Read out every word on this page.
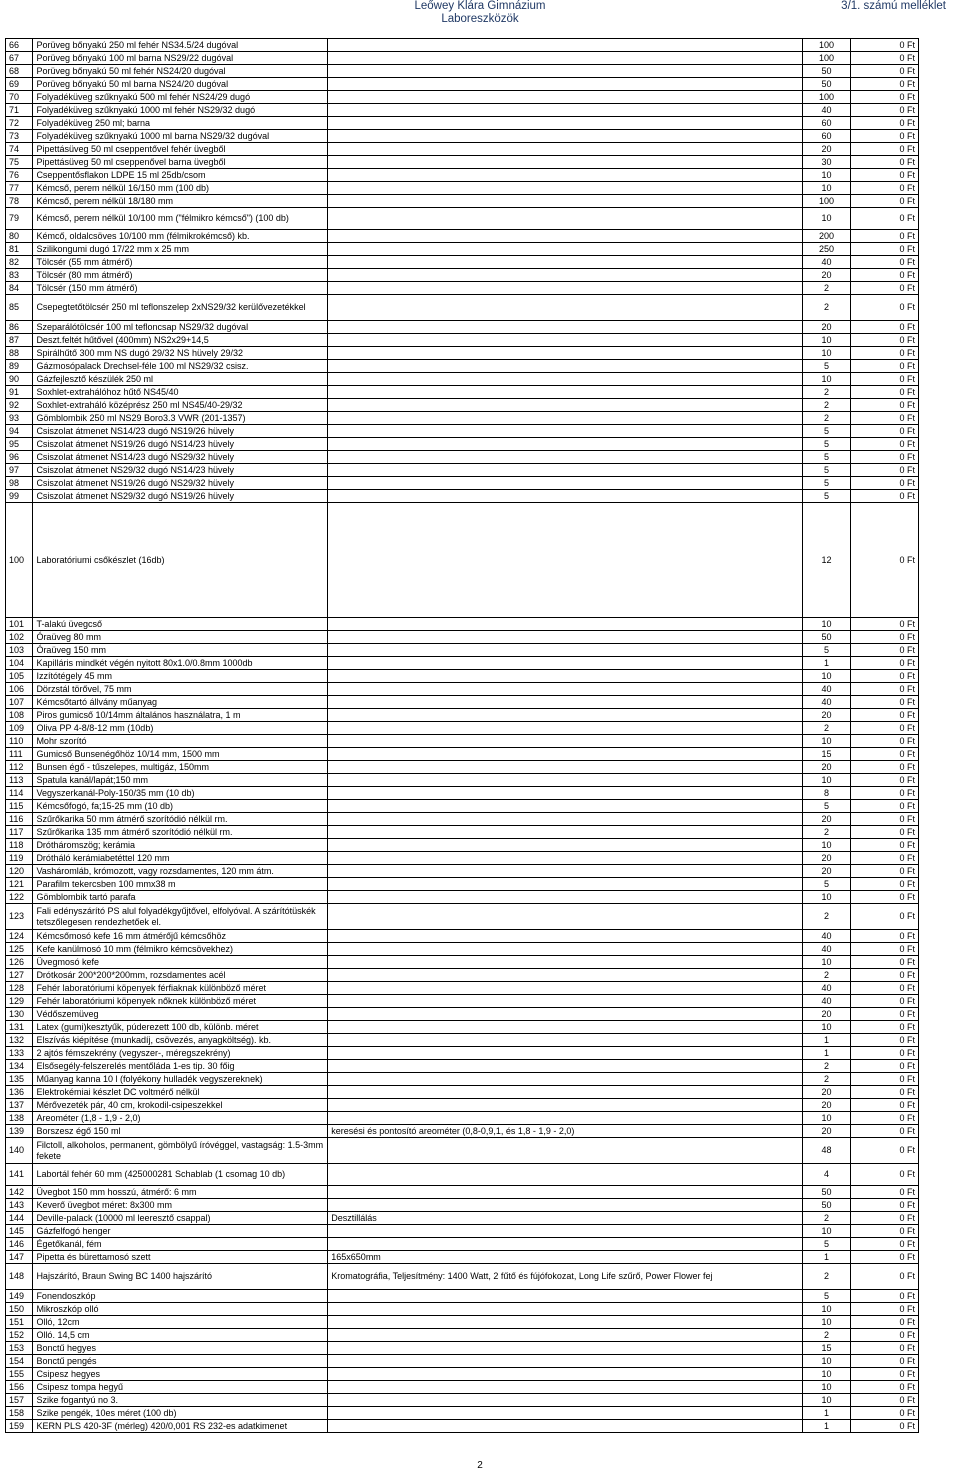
Leőwey Klára Gimnázium
Laboreszközök
3/1. számú melléklet
66	Porüveg bőnyakú 250 ml fehér NS34.5/24 dugóval		100	0 Ft
67	Porüveg bőnyakú 100 ml barna NS29/22 dugóval		100	0 Ft
68	Porüveg bőnyakú 50 ml fehér NS24/20 dugóval		50	0 Ft
69	Porüveg bőnyakú 50 ml barna NS24/20 dugóval		50	0 Ft
70	Folyadéküveg szűknyakú 500 ml fehér NS24/29 dugó		100	0 Ft
71	Folyadéküveg szűknyakú 1000 ml fehér NS29/32 dugó		40	0 Ft
72	Folyadéküveg 250 ml; barna		60	0 Ft
73	Folyadéküveg szűknyakú 1000 ml barna NS29/32 dugóval		60	0 Ft
74	Pipettásüveg 50 ml cseppentővel fehér üvegből		20	0 Ft
75	Pipettásüveg 50 ml cseppenővel barna üvegből		30	0 Ft
76	Cseppentősflakon LDPE 15 ml 25db/csom		10	0 Ft
77	Kémcső, perem nélkül 16/150 mm (100 db)		10	0 Ft
78	Kémcső, perem nélkül 18/180 mm		100	0 Ft
79	Kémcső, perem nélkül 10/100 mm ("félmikro kémcső") (100 db)		10	0 Ft
80	Kémcő, oldalcsöves 10/100 mm (félmikrokémcső) kb.		200	0 Ft
81	Szilikongumi dugó 17/22 mm x 25 mm		250	0 Ft
82	Tölcsér (55 mm átmérő)		40	0 Ft
83	Tölcsér (80 mm átmérő)		20	0 Ft
84	Tölcsér (150 mm átmérő)		2	0 Ft
85	Csepegtetőtölcsér 250 ml teflonszelep 2xNS29/32 kerülővezetékkel		2	0 Ft
86	Szeparálótölcsér 100 ml tefloncsap NS29/32 dugóval		20	0 Ft
87	Deszt.feltét hűtővel (400mm) NS2x29+14,5		10	0 Ft
88	Spirálhűtő 300 mm NS dugó 29/32 NS hüvely 29/32		10	0 Ft
89	Gázmosópalack Drechsel-féle 100 ml NS29/32 csisz.		5	0 Ft
90	Gázfejlesztő készülék 250 ml		10	0 Ft
91	Soxhlet-extrahálóhoz hűtő NS45/40		2	0 Ft
92	Soxhlet-extraháló középrész 250 ml NS45/40-29/32		2	0 Ft
93	Gömblombik 250 ml NS29 Boro3.3 VWR (201-1357)		2	0 Ft
94	Csiszolat átmenet NS14/23 dugó NS19/26 hüvely		5	0 Ft
95	Csiszolat átmenet NS19/26 dugó NS14/23 hüvely		5	0 Ft
96	Csiszolat átmenet NS14/23 dugó NS29/32 hüvely		5	0 Ft
97	Csiszolat átmenet NS29/32 dugó NS14/23 hüvely		5	0 Ft
98	Csiszolat átmenet NS19/26 dugó NS29/32 hüvely		5	0 Ft
99	Csiszolat átmenet NS29/32 dugó NS19/26 hüvely		5	0 Ft
100	Laboratóriumi csőkészlet (16db)		12	0 Ft
101	T-alakú üvegcső		10	0 Ft
102	Óraüveg 80 mm		50	0 Ft
103	Óraüveg 150 mm		5	0 Ft
104	Kapilláris mindkét végén nyitott 80x1.0/0.8mm 1000db		1	0 Ft
105	Izzítótégely 45 mm		10	0 Ft
106	Dörzstál törővel, 75 mm		40	0 Ft
107	Kémcsőtartó állvány műanyag		40	0 Ft
108	Piros gumicső 10/14mm általános használatra, 1 m		20	0 Ft
109	Oliva PP 4-8/8-12 mm (10db)		2	0 Ft
110	Mohr szorító		10	0 Ft
111	Gumicső Bunsenégőhöz 10/14 mm, 1500 mm		15	0 Ft
112	Bunsen égő - tűszelepes, multigáz, 150mm		20	0 Ft
113	Spatula kanál/lapát;150 mm		10	0 Ft
114	Vegyszerkanál-Poly-150/35 mm (10 db)		8	0 Ft
115	Kémcsőfogó, fa;15-25 mm (10 db)		5	0 Ft
116	Szűrőkarika 50 mm átmérő szorítódió nélkül rm.		20	0 Ft
117	Szűrőkarika 135 mm átmérő szorítódió nélkül rm.		2	0 Ft
118	Drótháromszög; kerámia		10	0 Ft
119	Drótháló kerámiabetéttel 120 mm		20	0 Ft
120	Vasháromláb, krómozott, vagy rozsdamentes, 120 mm átm.		20	0 Ft
121	Parafilm tekercsben 100 mmx38 m		5	0 Ft
122	Gömblombik tartó parafa		10	0 Ft
123	Fali edényszárító PS alul folyadékgyűjtővel, elfolyóval. A szárítótüskék tetszőlegesen rendezhetőek el.		2	0 Ft
124	Kémcsőmosó kefe 16 mm átmérőjű kémcsőhöz		40	0 Ft
125	Kefe kanülmosó 10 mm (félmikro kémcsövekhez)		40	0 Ft
126	Üvegmosó kefe		10	0 Ft
127	Drótkosár 200*200*200mm, rozsdamentes acél		2	0 Ft
128	Fehér laboratóriumi köpenyek férfiaknak különböző méret		40	0 Ft
129	Fehér laboratóriumi köpenyek nőknek különböző méret		40	0 Ft
130	Védőszemüveg		20	0 Ft
131	Latex (gumi)kesztyűk, púderezett 100 db, különb. méret		10	0 Ft
132	Elszívás kiépítése (munkadíj, csövezés, anyagköltség). kb.		1	0 Ft
133	2 ajtós fémszekrény (vegyszer-, méregszekrény)		1	0 Ft
134	Elsősegély-felszerelés mentőláda 1-es tip. 30 főig		2	0 Ft
135	Műanyag kanna 10 l (folyékony hulladék vegyszereknek)		2	0 Ft
136	Elektrokémiai készlet DC voltmérő nélkül		20	0 Ft
137	Mérővezeték pár, 40 cm, krokodil-csipeszekkel		20	0 Ft
138	Areométer (1,8 - 1,9 - 2,0)		10	0 Ft
139	Borszesz égő 150 ml	keresési és pontosító areométer (0,8-0,9,1, és 1,8 - 1,9 - 2,0)	20	0 Ft
140	Filctoll, alkoholos, permanent, gömbölyű íróvéggel, vastagság: 1.5-3mm fekete		48	0 Ft
141	Labortál fehér 60 mm (425000281 Schablab (1 csomag 10 db)		4	0 Ft
142	Üvegbot 150 mm hosszú, átmérő: 6 mm		50	0 Ft
143	Keverő üvegbot méret: 8x300 mm		50	0 Ft
144	Deville-palack (10000 ml leeresztő csappal)	Desztillálás	2	0 Ft
145	Gázfelfogó henger		10	0 Ft
146	Égetőkanál, fém		5	0 Ft
147	Pipetta és bürettamosó szett	165x650mm	1	0 Ft
148	Hajszárító, Braun Swing BC 1400 hajszárító	Kromatográfia, Teljesítmény: 1400 Watt, 2 fűtő és fújófokozat, Long Life szűrő, Power Flower fej	2	0 Ft
149	Fonendoszkóp		5	0 Ft
150	Mikroszkóp olló		10	0 Ft
151	Olló, 12cm		10	0 Ft
152	Olló. 14,5 cm		2	0 Ft
153	Bonctű hegyes		15	0 Ft
154	Bonctű pengés		10	0 Ft
155	Csipesz hegyes		10	0 Ft
156	Csipesz tompa hegyű		10	0 Ft
157	Szike fogantyú no 3.		10	0 Ft
158	Szike pengék, 10es méret (100 db)		1	0 Ft
159	KERN PLS 420-3F (mérleg) 420/0,001 RS 232-es adatkimenet		1	0 Ft
2
